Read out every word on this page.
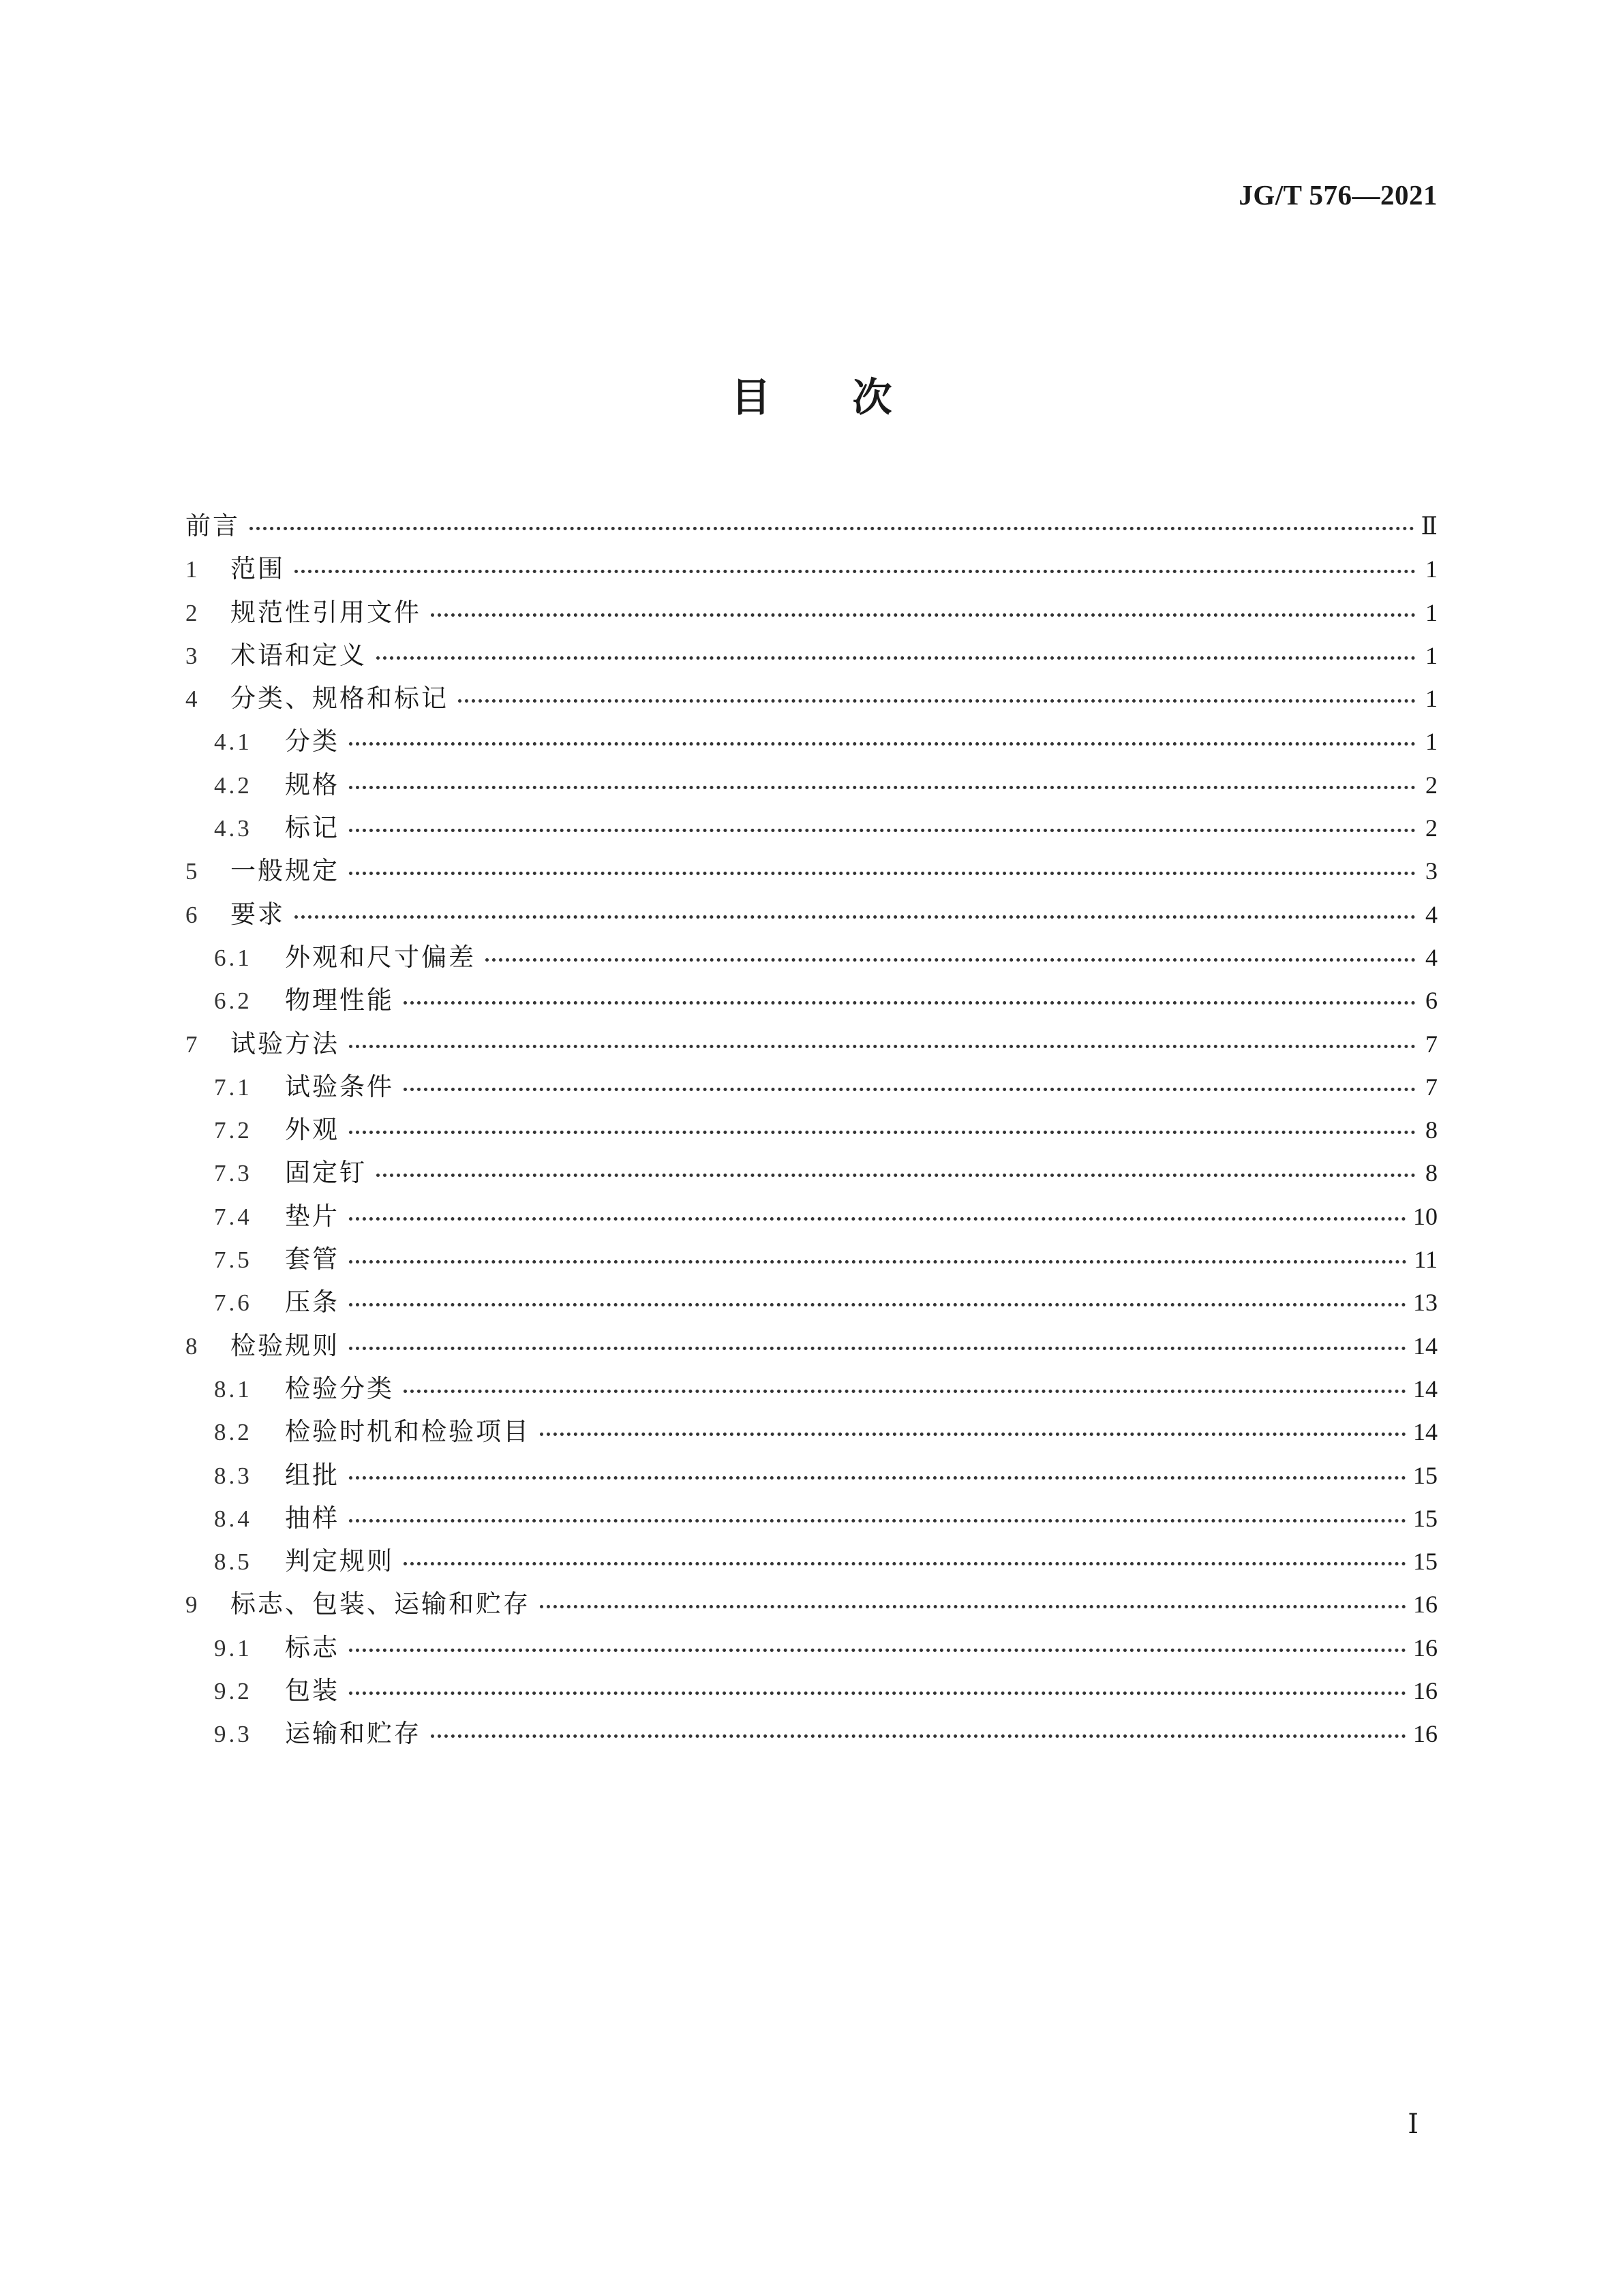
JG/T 576—2021
目 次
前言	Ⅱ
1	范围	1
2	规范性引用文件	1
3	术语和定义	1
4	分类、规格和标记	1
4.1	分类	1
4.2	规格	2
4.3	标记	2
5	一般规定	3
6	要求	4
6.1	外观和尺寸偏差	4
6.2	物理性能	6
7	试验方法	7
7.1	试验条件	7
7.2	外观	8
7.3	固定钉	8
7.4	垫片	10
7.5	套管	11
7.6	压条	13
8	检验规则	14
8.1	检验分类	14
8.2	检验时机和检验项目	14
8.3	组批	15
8.4	抽样	15
8.5	判定规则	15
9	标志、包装、运输和贮存	16
9.1	标志	16
9.2	包装	16
9.3	运输和贮存	16
Ⅰ
